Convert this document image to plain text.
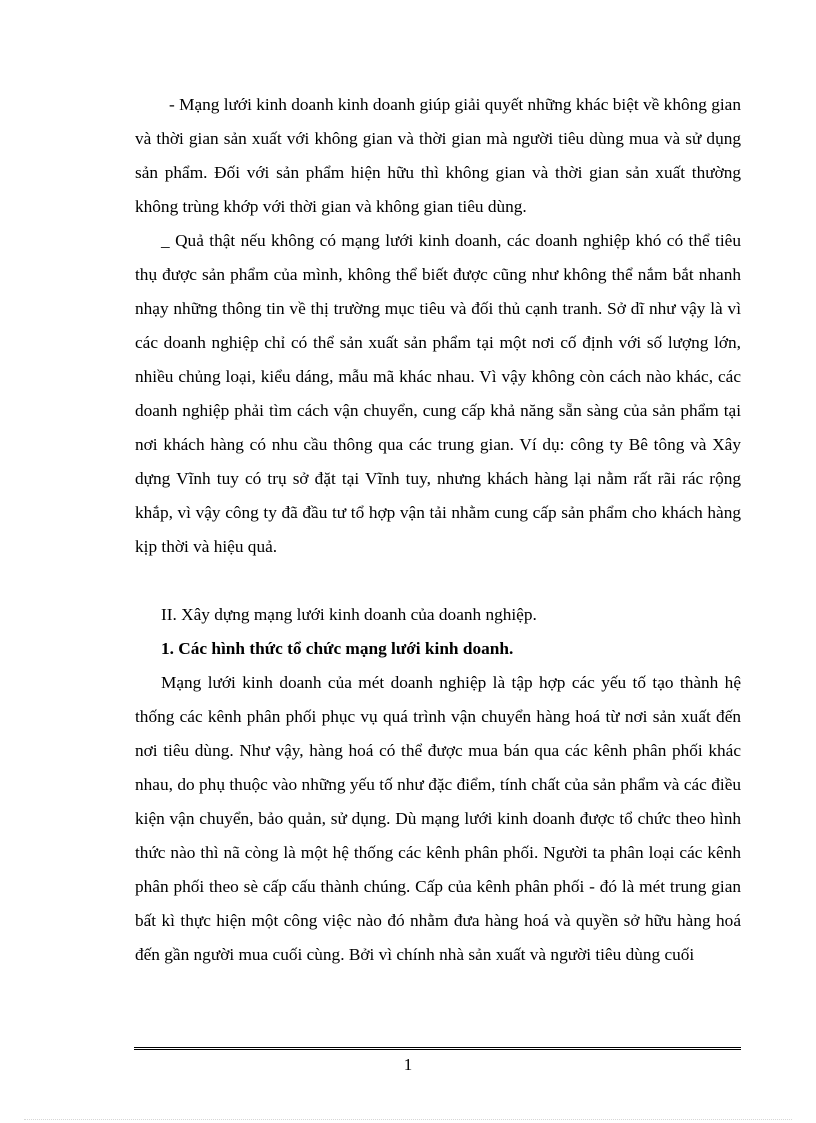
- Mạng lưới kinh doanh kinh doanh giúp giải quyết những khác biệt về không gian và thời gian sản xuất với không gian và thời gian mà người tiêu dùng mua và sử dụng sản phẩm. Đối với sản phẩm hiện hữu thì không gian và thời gian sản xuất thường không trùng khớp với thời gian và không gian tiêu dùng.

_ Quả thật nếu không có mạng lưới kinh doanh, các doanh nghiệp khó có thể tiêu thụ được sản phẩm của mình, không thể biết được cũng như không thể nắm bắt nhanh nhạy những thông tin về thị trường mục tiêu và đối thủ cạnh tranh. Sở dĩ như vậy là vì các doanh nghiệp chỉ có thể sản xuất sản phẩm tại một nơi cố định với số lượng lớn, nhiều chủng loại, kiểu dáng, mẫu mã khác nhau. Vì vậy không còn cách nào khác, các doanh nghiệp phải tìm cách vận chuyển, cung cấp khả năng sẵn sàng của sản phẩm tại nơi khách hàng có nhu cầu thông qua các trung gian. Ví dụ: công ty Bê tông và Xây dựng Vĩnh tuy có trụ sở đặt tại Vĩnh tuy, nhưng khách hàng lại nằm rất rãi rác rộng khắp, vì vậy công ty đã đầu tư tổ hợp vận tải nhằm cung cấp sản phẩm cho khách hàng kịp thời và hiệu quả.

II. Xây dựng mạng lưới kinh doanh của doanh nghiệp.

1. Các hình thức tổ chức mạng lưới kinh doanh.

Mạng lưới kinh doanh của mét doanh nghiệp là tập hợp các yếu tố tạo thành hệ thống các kênh phân phối phục vụ quá trình vận chuyển hàng hoá từ nơi sản xuất đến nơi tiêu dùng. Như vậy, hàng hoá có thể được mua bán qua các kênh phân phối khác nhau, do phụ thuộc vào những yếu tố như đặc điểm, tính chất của sản phẩm và các điều kiện vận chuyển, bảo quản, sử dụng. Dù mạng lưới kinh doanh được tổ chức theo hình thức nào thì nã còng là một hệ thống các kênh phân phối. Người ta phân loại các kênh phân phối theo sè cấp cấu thành chúng. Cấp của kênh phân phối - đó là mét trung gian bất kì thực hiện một công việc nào đó nhằm đưa hàng hoá và quyền sở hữu hàng hoá đến gần người mua cuối cùng. Bởi vì chính nhà sản xuất và người tiêu dùng cuối

1
